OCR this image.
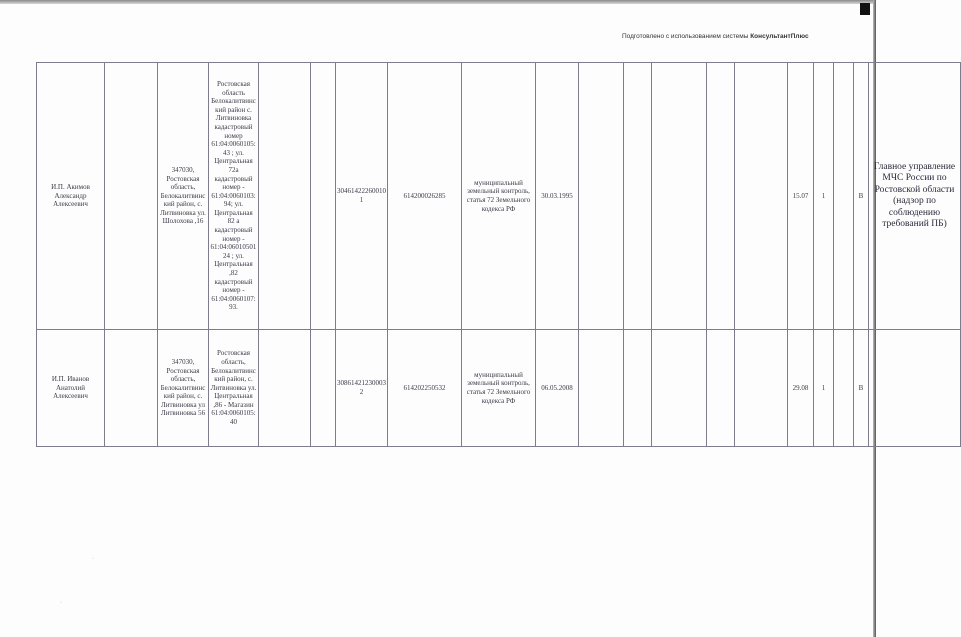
Подготовлено с использованием системы КонсультантПлюс
И.П. Акимов Александр Алексеевич		347030, Ростовская область, Белокалитвинский район, с. Литвиновка ул. Шолохова ,16	Ростовская область Белокалитвинский район с. Литвиновка кадастровый номер 61:04:0060105:43 ; ул. Центральная 72а кадастровый номер - 61:04:0060103:94; ул. Центральная 82 а кадастровый номер - 61:04:0601050124 ; ул. Центральная ,82 кадастровый номер - 61:04:0060107:93.			304614222600101	614200026285	муниципальный земельный контроль, статья 72 Земельного кодекса РФ	30.03.1995						15.07	1		В	Главное управление МЧС России по Ростовской области (надзор по соблюдению требований ПБ)
И.П. Иванов Анатолий Алексеевич		347030, Ростовская область, Белокалитвинский район, с. Литвиновка ул Литвиновка 56	Ростовская область, Белокалитвинский район, с. Литвиновка ул. Центральная ,86 - Магазин 61:04:0060105:40			308614212300032	614202250532	муниципальный земельный контроль, статья 72 Земельного кодекса РФ	06.05.2008						29.08	1		В	
·
·
